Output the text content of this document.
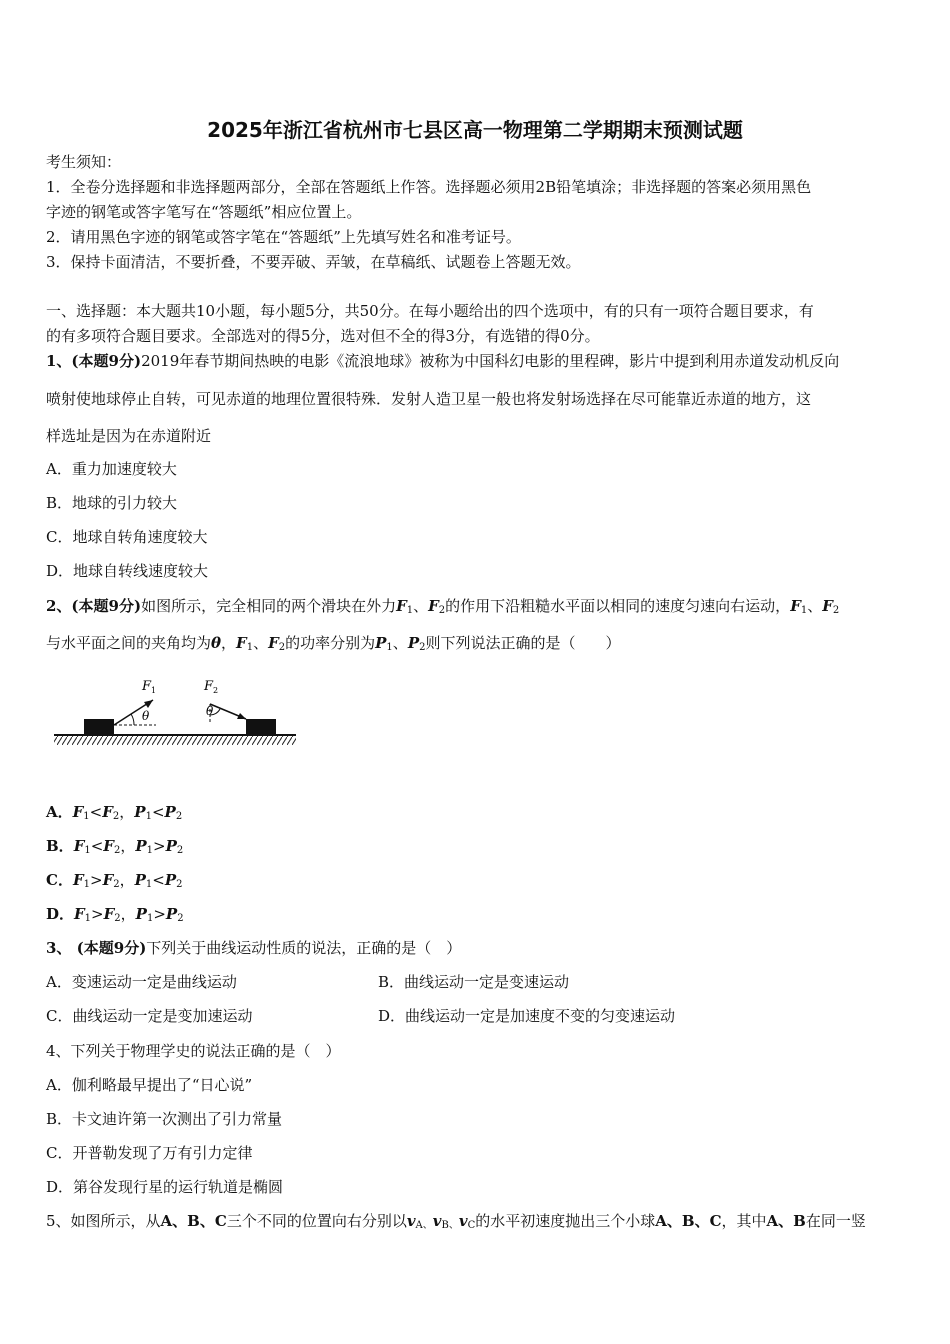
2025年浙江省杭州市七县区高一物理第二学期期末预测试题
考生须知：
1．全卷分选择题和非选择题两部分，全部在答题纸上作答。选择题必须用2B铅笔填涂；非选择题的答案必须用黑色
字迹的钢笔或答字笔写在“答题纸”相应位置上。
2．请用黑色字迹的钢笔或答字笔在“答题纸”上先填写姓名和准考证号。
3．保持卡面清洁，不要折叠，不要弄破、弄皱，在草稿纸、试题卷上答题无效。
一、选择题：本大题共10小题，每小题5分，共50分。在每小题给出的四个选项中，有的只有一项符合题目要求，有
的有多项符合题目要求。全部选对的得5分，选对但不全的得3分，有选错的得0分。
1、(本题9分)2019年春节期间热映的电影《流浪地球》被称为中国科幻电影的里程碑，影片中提到利用赤道发动机反向
喷射使地球停止自转，可见赤道的地理位置很特殊．发射人造卫星一般也将发射场选择在尽可能靠近赤道的地方，这
样选址是因为在赤道附近
A．重力加速度较大
B．地球的引力较大
C．地球自转角速度较大
D．地球自转线速度较大
2、(本题9分)如图所示，完全相同的两个滑块在外力$F_1$、$F_2$的作用下沿粗糙水平面以相同的速度匀速向右运动，$F_1$、$F_2$
与水平面之间的夹角均为θ，$F_1$、$F_2$的功率分别为$P_1$、$P_2$则下列说法正确的是（　　）
F 1	F 2
θ	θ
A．$F_1<F_2$，$P_1<P_2$
B．$F_1<F_2$，$P_1>P_2$
C．$F_1>F_2$，$P_1<P_2$
D．$F_1>F_2$，$P_1>P_2$
3、 (本题9分)下列关于曲线运动性质的说法，正确的是（　）
A．变速运动一定是曲线运动	B．曲线运动一定是变速运动
C．曲线运动一定是变加速运动	D．曲线运动一定是加速度不变的匀变速运动
4、下列关于物理学史的说法正确的是（　）
A．伽利略最早提出了“日心说”
B．卡文迪许第一次测出了引力常量
C．开普勒发现了万有引力定律
D．第谷发现行星的运行轨道是椭圆
5、如图所示，从A、B、C三个不同的位置向右分别以$v_{A、}v_{B、}v_C$的水平初速度抛出三个小球A、B、C，其中A、B在同一竖
